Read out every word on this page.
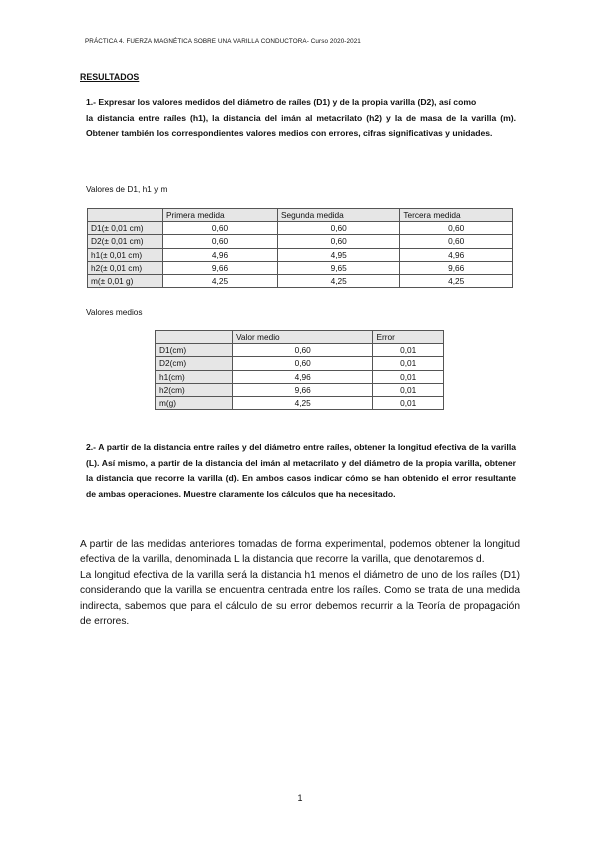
PRÁCTICA 4. FUERZA MAGNÉTICA SOBRE UNA VARILLA CONDUCTORA- Curso 2020-2021
RESULTADOS

1.- Expresar los valores medidos del diámetro de raíles (D1) y de la propia varilla (D2), así como

la distancia entre raíles (h1), la distancia del imán al metacrilato (h2) y la de masa de la varilla (m). Obtener también los correspondientes valores medios con errores, cifras significativas y unidades.

Valores de D1, h1 y m
	Primera medida	Segunda medida	Tercera medida
D1(± 0,01 cm)	0,60	0,60	0,60
D2(± 0,01 cm)	0,60	0,60	0,60
h1(± 0,01 cm)	4,96	4,95	4,96
h2(± 0,01 cm)	9,66	9,65	9,66
m(± 0,01 g)	4,25	4,25	4,25
Valores medios
	Valor medio	Error
D1(cm)	0,60	0,01
D2(cm)	0,60	0,01
h1(cm)	4,96	0,01
h2(cm)	9,66	0,01
m(g)	4,25	0,01

2.- A partir de la distancia entre raíles y del diámetro entre raíles, obtener la longitud efectiva de la varilla (L). Así mismo, a partir de la distancia del imán al metacrilato y del diámetro de la propia varilla, obtener la distancia que recorre la varilla (d). En ambos casos indicar cómo se han obtenido el error resultante de ambas operaciones. Muestre claramente los cálculos que ha necesitado.

A partir de las medidas anteriores tomadas de forma experimental, podemos obtener la longitud efectiva de la varilla, denominada L la distancia que recorre la varilla, que denotaremos d.

La longitud efectiva de la varilla será la distancia h1 menos el diámetro de uno de los raíles (D1) considerando que la varilla se encuentra centrada entre los raíles. Como se trata de una medida indirecta, sabemos que para el cálculo de su error debemos recurrir a la Teoría de propagación de errores.

1
